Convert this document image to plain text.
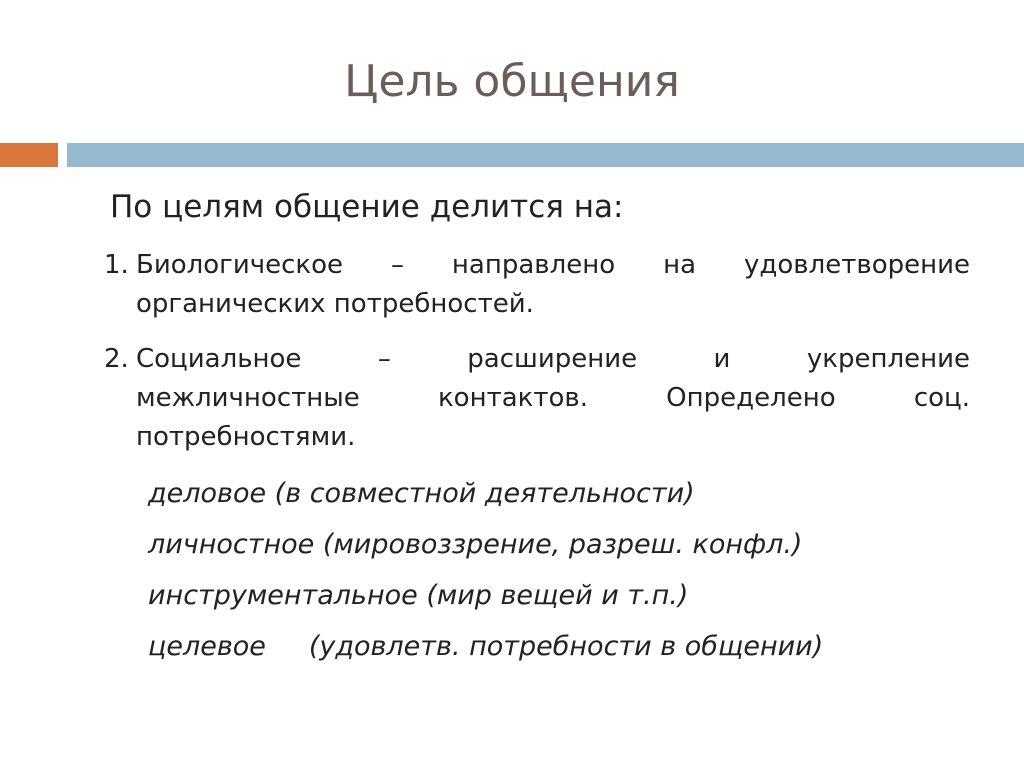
Цель общения
По целям общение делится на:
1. Биологическое – направлено на удовлетворение
органических потребностей.
2. Социальное – расширение и укрепление
межличностные контактов. Определено соц.
потребностями.
деловое (в совместной деятельности)
личностное (мировоззрение, разреш. конфл.)
инструментальное (мир вещей и т.п.)
целевое     (удовлетв. потребности в общении)
